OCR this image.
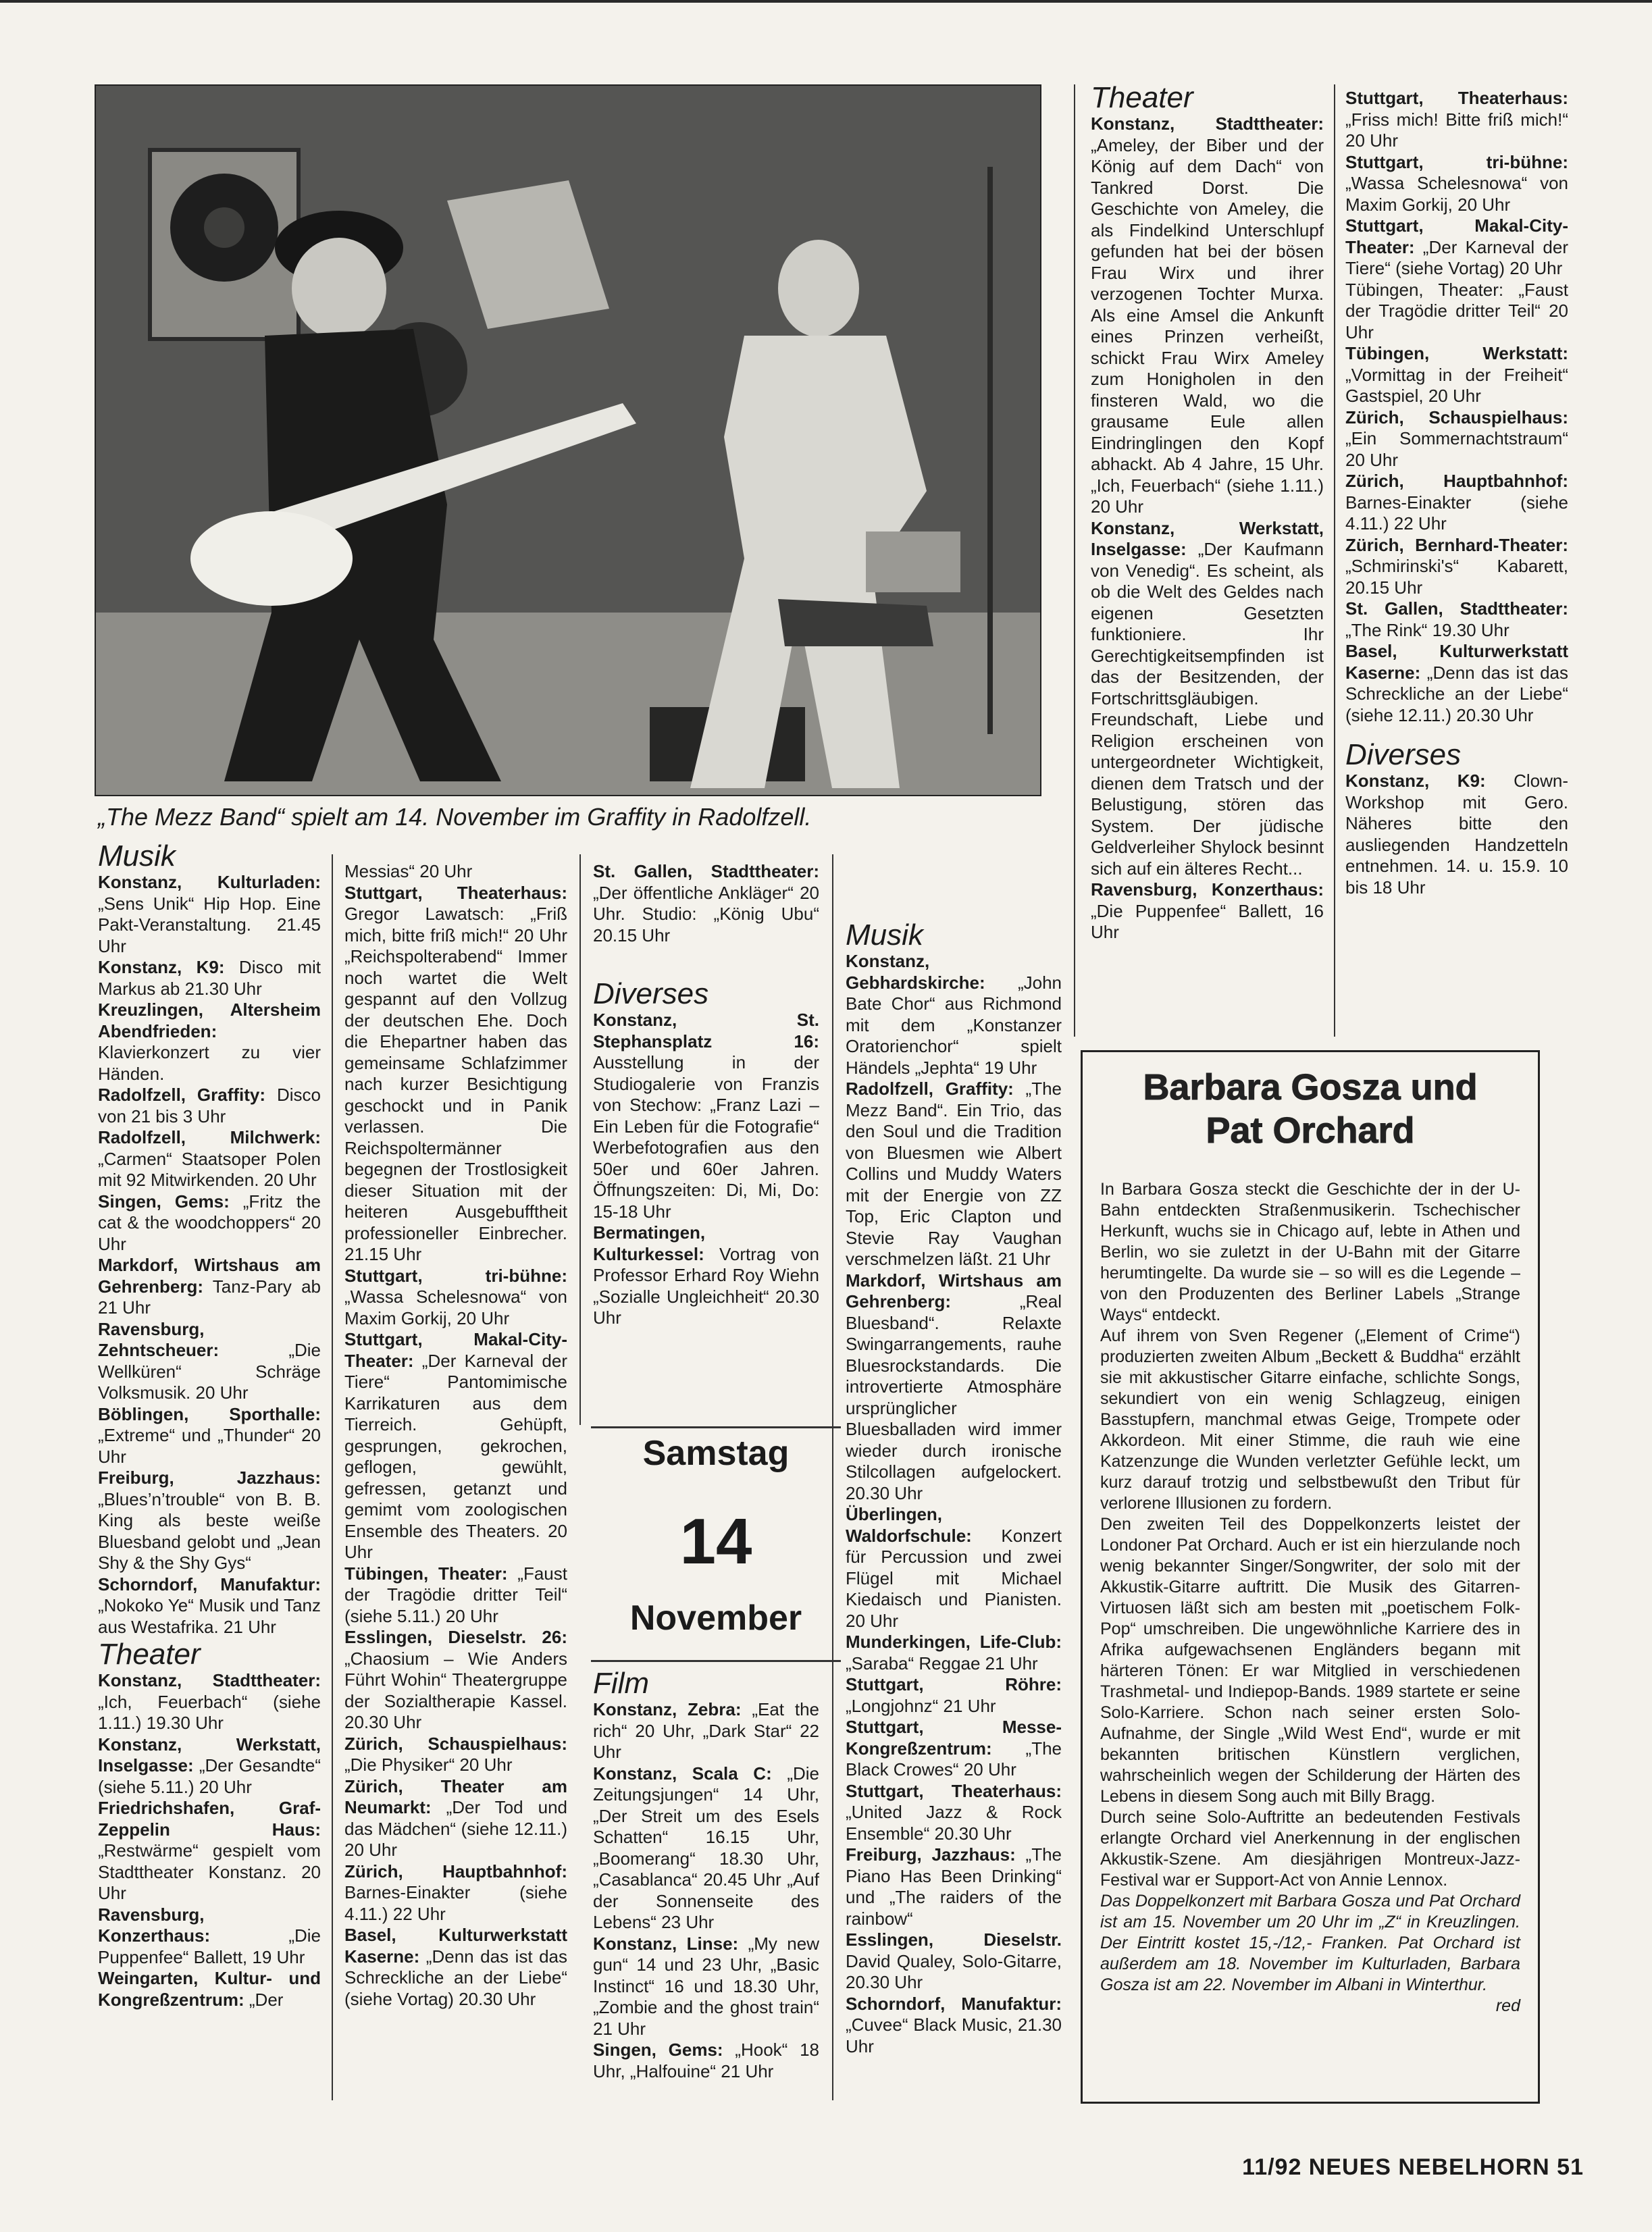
„The Mezz Band“ spielt am 14. November im Graffity in Radolfzell.

Musik

Konstanz, Kulturladen: „Sens Unik“ Hip Hop. Eine Pakt-Veranstaltung. 21.45 Uhr

Konstanz, K9: Disco mit Markus ab 21.30 Uhr

Kreuzlingen, Altersheim Abendfrieden: Klavierkonzert zu vier Händen.

Radolfzell, Graffity: Disco von 21 bis 3 Uhr

Radolfzell, Milchwerk: „Carmen“ Staatsoper Polen mit 92 Mitwirkenden. 20 Uhr

Singen, Gems: „Fritz the cat & the woodchoppers“ 20 Uhr

Markdorf, Wirtshaus am Gehrenberg: Tanz-Pary ab 21 Uhr

Ravensburg, Zehntscheuer: „Die Wellküren“ Schräge Volksmusik. 20 Uhr

Böblingen, Sporthalle: „Extreme“ und „Thunder“ 20 Uhr

Freiburg, Jazzhaus: „Blues’n’trouble“ von B. B. King als beste weiße Bluesband gelobt und „Jean Shy & the Shy Gys“

Schorndorf, Manufaktur: „Nokoko Ye“ Musik und Tanz aus Westafrika. 21 Uhr

Theater

Konstanz, Stadttheater: „Ich, Feuerbach“ (siehe 1.11.) 19.30 Uhr

Konstanz, Werkstatt, Inselgasse: „Der Gesandte“ (siehe 5.11.) 20 Uhr

Friedrichshafen, Graf-Zeppelin Haus: „Restwärme“ gespielt vom Stadttheater Konstanz. 20 Uhr

Ravensburg, Konzerthaus: „Die Puppenfee“ Ballett, 19 Uhr

Weingarten, Kultur- und Kongreßzentrum: „Der

Messias“ 20 Uhr

Stuttgart, Theaterhaus: Gregor Lawatsch: „Friß mich, bitte friß mich!“ 20 Uhr „Reichspolterabend“ Immer noch wartet die Welt gespannt auf den Vollzug der deutschen Ehe. Doch die Ehepartner haben das gemeinsame Schlafzimmer nach kurzer Besichtigung geschockt und in Panik verlassen. Die Reichspoltermänner begegnen der Trostlosigkeit dieser Situation mit der heiteren Ausgebufftheit professioneller Einbrecher. 21.15 Uhr

Stuttgart, tri-bühne: „Wassa Schelesnowa“ von Maxim Gorkij, 20 Uhr

Stuttgart, Makal-City-Theater: „Der Karneval der Tiere“ Pantomimische Karrikaturen aus dem Tierreich. Gehüpft, gesprungen, gekrochen, geflogen, gewühlt, gefressen, getanzt und gemimt vom zoologischen Ensemble des Theaters. 20 Uhr

Tübingen, Theater: „Faust der Tragödie dritter Teil“ (siehe 5.11.) 20 Uhr

Esslingen, Dieselstr. 26: „Chaosium – Wie Anders Führt Wohin“ Theatergruppe der Sozialtherapie Kassel. 20.30 Uhr

Zürich, Schauspielhaus: „Die Physiker“ 20 Uhr

Zürich, Theater am Neumarkt: „Der Tod und das Mädchen“ (siehe 12.11.) 20 Uhr

Zürich, Hauptbahnhof: Barnes-Einakter (siehe 4.11.) 22 Uhr

Basel, Kulturwerkstatt Kaserne: „Denn das ist das Schreckliche an der Liebe“ (siehe Vortag) 20.30 Uhr

St. Gallen, Stadttheater: „Der öffentliche Ankläger“ 20 Uhr. Studio: „König Ubu“ 20.15 Uhr

Diverses

Konstanz, St. Stephansplatz 16: Ausstellung in der Studiogalerie von Franzis von Stechow: „Franz Lazi – Ein Leben für die Fotografie“ Werbefotografien aus den 50er und 60er Jahren. Öffnungszeiten: Di, Mi, Do: 15-18 Uhr

Bermatingen, Kulturkessel: Vortrag von Professor Erhard Roy Wiehn „Sozialle Ungleichheit“ 20.30 Uhr

Samstag
14
November

Film

Konstanz, Zebra: „Eat the rich“ 20 Uhr, „Dark Star“ 22 Uhr

Konstanz, Scala C: „Die Zeitungsjungen“ 14 Uhr, „Der Streit um des Esels Schatten“ 16.15 Uhr, „Boomerang“ 18.30 Uhr, „Casablanca“ 20.45 Uhr „Auf der Sonnenseite des Lebens“ 23 Uhr

Konstanz, Linse: „My new gun“ 14 und 23 Uhr, „Basic Instinct“ 16 und 18.30 Uhr, „Zombie and the ghost train“ 21 Uhr

Singen, Gems: „Hook“ 18 Uhr, „Halfouine“ 21 Uhr

Musik

Konstanz, Gebhardskirche: „John Bate Chor“ aus Richmond mit dem „Konstanzer Oratorienchor“ spielt Händels „Jephta“ 19 Uhr

Radolfzell, Graffity: „The Mezz Band“. Ein Trio, das den Soul und die Tradition von Bluesmen wie Albert Collins und Muddy Waters mit der Energie von ZZ Top, Eric Clapton und Stevie Ray Vaughan verschmelzen läßt. 21 Uhr

Markdorf, Wirtshaus am Gehrenberg: „Real Bluesband“. Relaxte Swingarrangements, rauhe Bluesrockstandards. Die introvertierte Atmosphäre ursprünglicher Bluesballaden wird immer wieder durch ironische Stilcollagen aufgelockert. 20.30 Uhr

Überlingen, Waldorfschule: Konzert für Percussion und zwei Flügel mit Michael Kiedaisch und Pianisten. 20 Uhr

Munderkingen, Life-Club: „Saraba“ Reggae 21 Uhr

Stuttgart, Röhre: „Longjohnz“ 21 Uhr

Stuttgart, Messe-Kongreßzentrum: „The Black Crowes“ 20 Uhr

Stuttgart, Theaterhaus: „United Jazz & Rock Ensemble“ 20.30 Uhr

Freiburg, Jazzhaus: „The Piano Has Been Drinking“ und „The raiders of the rainbow“

Esslingen, Dieselstr. David Qualey, Solo-Gitarre, 20.30 Uhr

Schorndorf, Manufaktur: „Cuvee“ Black Music, 21.30 Uhr

Theater

Konstanz, Stadttheater: „Ameley, der Biber und der König auf dem Dach“ von Tankred Dorst. Die Geschichte von Ameley, die als Findelkind Unterschlupf gefunden hat bei der bösen Frau Wirx und ihrer verzogenen Tochter Murxa. Als eine Amsel die Ankunft eines Prinzen verheißt, schickt Frau Wirx Ameley zum Honigholen in den finsteren Wald, wo die grausame Eule allen Eindringlingen den Kopf abhackt. Ab 4 Jahre, 15 Uhr. „Ich, Feuerbach“ (siehe 1.11.) 20 Uhr

Konstanz, Werkstatt, Inselgasse: „Der Kaufmann von Venedig“. Es scheint, als ob die Welt des Geldes nach eigenen Gesetzten funktioniere. Ihr Gerechtigkeitsempfinden ist das der Besitzenden, der Fortschrittsgläubigen. Freundschaft, Liebe und Religion erscheinen von untergeordneter Wichtigkeit, dienen dem Tratsch und der Belustigung, stören das System. Der jüdische Geldverleiher Shylock besinnt sich auf ein älteres Recht...

Ravensburg, Konzerthaus: „Die Puppenfee“ Ballett, 16 Uhr

Stuttgart, Theaterhaus: „Friss mich! Bitte friß mich!“ 20 Uhr

Stuttgart, tri-bühne: „Wassa Schelesnowa“ von Maxim Gorkij, 20 Uhr

Stuttgart, Makal-City-Theater: „Der Karneval der Tiere“ (siehe Vortag) 20 Uhr

Tübingen, Theater: „Faust der Tragödie dritter Teil“ 20 Uhr

Tübingen, Werkstatt: „Vormittag in der Freiheit“ Gastspiel, 20 Uhr

Zürich, Schauspielhaus: „Ein Sommernachtstraum“ 20 Uhr

Zürich, Hauptbahnhof: Barnes-Einakter (siehe 4.11.) 22 Uhr

Zürich, Bernhard-Theater: „Schmirinski's“ Kabarett, 20.15 Uhr

St. Gallen, Stadttheater: „The Rink“ 19.30 Uhr

Basel, Kulturwerkstatt Kaserne: „Denn das ist das Schreckliche an der Liebe“ (siehe 12.11.) 20.30 Uhr

Diverses

Konstanz, K9: Clown-Workshop mit Gero. Näheres bitte den ausliegenden Handzetteln entnehmen. 14. u. 15.9. 10 bis 18 Uhr

Barbara Gosza und
Pat Orchard

In Barbara Gosza steckt die Geschichte der in der U-Bahn entdeckten Straßenmusikerin. Tschechischer Herkunft, wuchs sie in Chicago auf, lebte in Athen und Berlin, wo sie zuletzt in der U-Bahn mit der Gitarre herumtingelte. Da wurde sie – so will es die Legende – von den Produzenten des Berliner Labels „Strange Ways“ entdeckt.

Auf ihrem von Sven Regener („Element of Crime“) produzierten zweiten Album „Beckett & Buddha“ erzählt sie mit akkustischer Gitarre einfache, schlichte Songs, sekundiert von ein wenig Schlagzeug, einigen Basstupfern, manchmal etwas Geige, Trompete oder Akkordeon. Mit einer Stimme, die rauh wie eine Katzenzunge die Wunden verletzter Gefühle leckt, um kurz darauf trotzig und selbstbewußt den Tribut für verlorene Illusionen zu fordern.

Den zweiten Teil des Doppelkonzerts leistet der Londoner Pat Orchard. Auch er ist ein hierzulande noch wenig bekannter Singer/Songwriter, der solo mit der Akkustik-Gitarre auftritt. Die Musik des Gitarren-Virtuosen läßt sich am besten mit „poetischem Folk-Pop“ umschreiben. Die ungewöhnliche Karriere des in Afrika aufgewachsenen Engländers begann mit härteren Tönen: Er war Mitglied in verschiedenen Trashmetal- und Indiepop-Bands. 1989 startete er seine Solo-Karriere. Schon nach seiner ersten Solo-Aufnahme, der Single „Wild West End“, wurde er mit bekannten britischen Künstlern verglichen, wahrscheinlich wegen der Schilderung der Härten des Lebens in diesem Song auch mit Billy Bragg.

Durch seine Solo-Auftritte an bedeutenden Festivals erlangte Orchard viel Anerkennung in der englischen Akkustik-Szene. Am diesjährigen Montreux-Jazz-Festival war er Support-Act von Annie Lennox.

Das Doppelkonzert mit Barbara Gosza und Pat Orchard ist am 15. November um 20 Uhr im „Z“ in Kreuzlingen. Der Eintritt kostet 15,-/12,- Franken. Pat Orchard ist außerdem am 18. November im Kulturladen, Barbara Gosza ist am 22. November im Albani in Winterthur.

red

11/92 NEUES NEBELHORN 51
